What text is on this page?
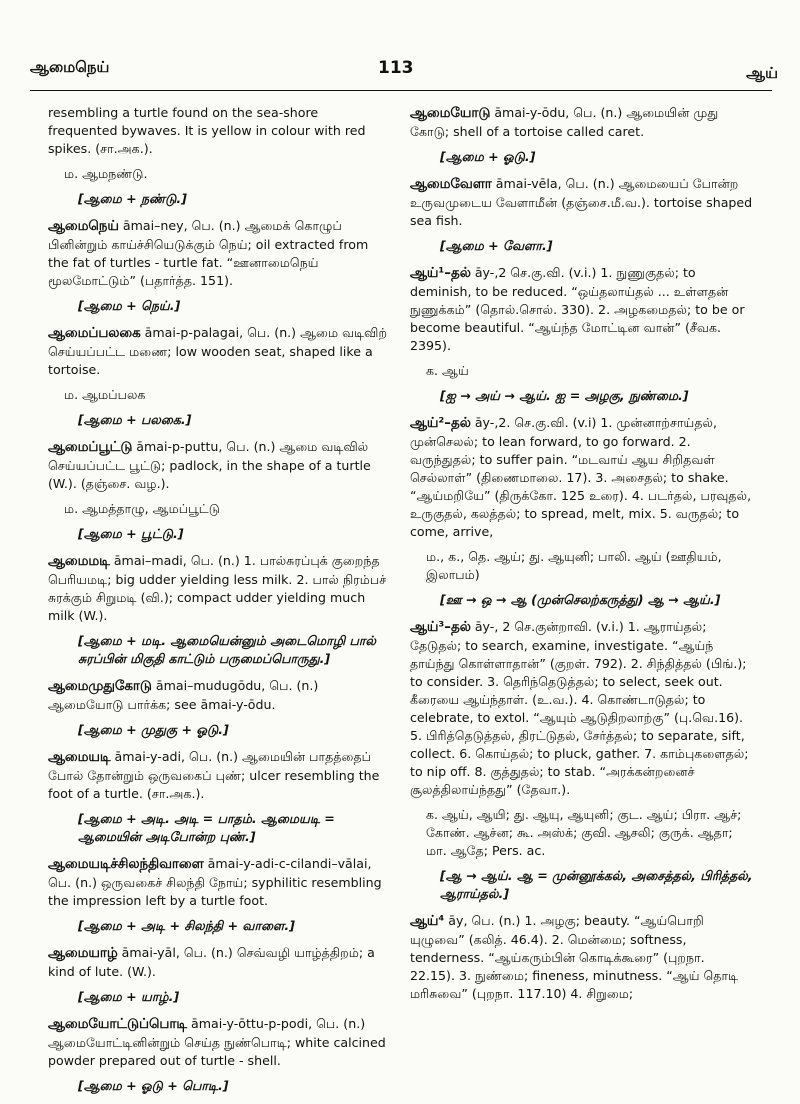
ஆமைநெய்	113	ஆய்
resembling a turtle found on the sea-shore frequented bywaves. It is yellow in colour with red spikes. (சா.அக.).
ம. ஆமநண்டு.
[ஆமை + நண்டு.]
ஆமைநெய் āmai–ney, பெ. (n.) ஆமைக் கொழுப் பினின்றும் காய்ச்சியெடுக்கும் நெய்; oil extracted from the fat of turtles - turtle fat. “ஊனாமைநெய் மூலமோட்டும்” (பதார்த்த. 151).
[ஆமை + நெய்.]
ஆமைப்பலகை āmai-p-palagai, பெ. (n.) ஆமை வடிவிற் செய்யப்பட்ட மணை; low wooden seat, shaped like a tortoise.
ம. ஆமப்பலக
[ஆமை + பலகை.]
ஆமைப்பூட்டு āmai-p-puttu, பெ. (n.) ஆமை வடிவில் செய்யப்பட்ட பூட்டு; padlock, in the shape of a turtle (W.). (தஞ்சை. வழ.).
ம. ஆமத்தாழு, ஆமப்பூட்டு
[ஆமை + பூட்டு.]
ஆமைமடி āmai–madi, பெ. (n.) 1. பால்சுரப்புக் குறைந்த பெரியமடி; big udder yielding less milk. 2. பால் நிரம்பச் சுரக்கும் சிறுமடி (வி.); compact udder yielding much milk (W.).
[ஆமை + மடி. ஆமையென்னும் அடைமொழி பால் சுரப்பின் மிகுதி காட்டும் பருமைப்பொருது.]
ஆமைமுதுகோடு āmai–mudugōdu, பெ. (n.) ஆமையோடு பார்க்க; see āmai-y-ōdu.
[ஆமை + முதுகு + ஓடு.]
ஆமையடி āmai-y-adi, பெ. (n.) ஆமையின் பாதத்தைப் போல் தோன்றும் ஒருவகைப் புண்; ulcer resembling the foot of a turtle. (சா.அக.).
[ஆமை + அடி. அடி = பாதம். ஆமையடி = ஆமையின் அடிபோன்ற புண்.]
ஆமையடிச்சிலந்திவாளை āmai-y-adi-c-cilandi–vālai, பெ. (n.) ஒருவகைச் சிலந்தி நோய்; syphilitic resembling the impression left by a turtle foot.
[ஆமை + அடி + சிலந்தி + வாளை.]
ஆமையாழ் āmai-yāl, பெ. (n.) செவ்வழி யாழ்த்திறம்; a kind of lute. (W.).
[ஆமை + யாழ்.]
ஆமையோட்டுப்பொடி āmai-y-ōttu-p-podi, பெ. (n.) ஆமையோட்டினின்றும் செய்த நுண்பொடி; white calcined powder prepared out of turtle - shell.
[ஆமை + ஓடு + பொடி.]
ஆமையோடு āmai-y-ōdu, பெ. (n.) ஆமையின் முது கோடு; shell of a tortoise called caret.
[ஆமை + ஓடு.]
ஆமைவேளா āmai-vēla, பெ. (n.) ஆமையைப் போன்ற உருவமுடைய வேளாமீன் (தஞ்சை.மீ.வ.). tortoise shaped sea fish.
[ஆமை + வேளா.]
ஆய்¹–தல் āy-,2 செ.கு.வி. (v.i.) 1. நுணுகுதல்; to deminish, to be reduced. “ஒய்தலாய்தல் ... உள்ளதன் நுணுக்கம்” (தொல்.சொல். 330). 2. அழகமைதல்; to be or become beautiful. “ஆய்ந்த மோட்டின வான்” (சீவக. 2395).
க. ஆய்
[ஐ → அய் → ஆய். ஐ = அழகு, நுண்மை.]
ஆய்²–தல் āy-,2. செ.கு.வி. (v.i) 1. முன்னாற்சாய்தல், முன்செலல்; to lean forward, to go forward. 2. வருந்துதல்; to suffer pain. “மடவாய் ஆய சிறிதவள் செல்லாள்” (திணைமாலை. 17). 3. அசைதல்; to shake. “ஆய்மறியே” (திருக்கோ. 125 உரை). 4. படர்தல், பரவுதல், உருகுதல், கலத்தல்; to spread, melt, mix. 5. வருதல்; to come, arrive,
ம., க., தெ. ஆய்; து. ஆயுனி; பாலி. ஆய் (ஊதியம், இலாபம்)
[ஊ → ஒ → ஆ (முன்செலற்கருத்து) ஆ → ஆய்.]
ஆய்³–தல் āy-, 2 செ.குன்றாவி. (v.i.) 1. ஆராய்தல்; தேடுதல்; to search, examine, investigate. “ஆய்ந் தாய்ந்து கொள்ளாதான்” (குறள். 792). 2. சிந்தித்தல் (பிங்.); to consider. 3. தெரிந்தெடுத்தல்; to select, seek out. கீரையை ஆய்ந்தாள். (உ.வ.). 4. கொண்டாடுதல்; to celebrate, to extol. “ஆயும் ஆடுதிறலாற்கு” (பு.வெ.16). 5. பிரித்தெடுத்தல், திரட்டுதல், சேர்த்தல்; to separate, sift, collect. 6. கொய்தல்; to pluck, gather. 7. காம்புகளைதல்; to nip off. 8. குத்துதல்; to stab. “அரக்கன்றனைச் சூலத்திலாய்ந்தது” (தேவா.).
க. ஆய், ஆயி; து. ஆயு, ஆயுனி; குட. ஆய்; பிரா. ஆச்; கோண். ஆச்ன; கூ. அஸ்க்; குவி. ஆசலி; குருக். ஆதா; மா. ஆதே; Pers. ac.
[ஆ → ஆய். ஆ = முன்னூக்கல், அசைத்தல், பிரித்தல், ஆராய்தல்.]
ஆய்⁴ āy, பெ. (n.) 1. அழகு; beauty. “ஆய்பொறி யுழுவை” (கலித். 46.4). 2. மென்மை; softness, tenderness. “ஆய்கரும்பின் கொடிக்கூரை” (புறநா. 22.15). 3. நுண்மை; fineness, minutness. “ஆய் தொடி மரிசுவை” (புறநா. 117.10) 4. சிறுமை;
